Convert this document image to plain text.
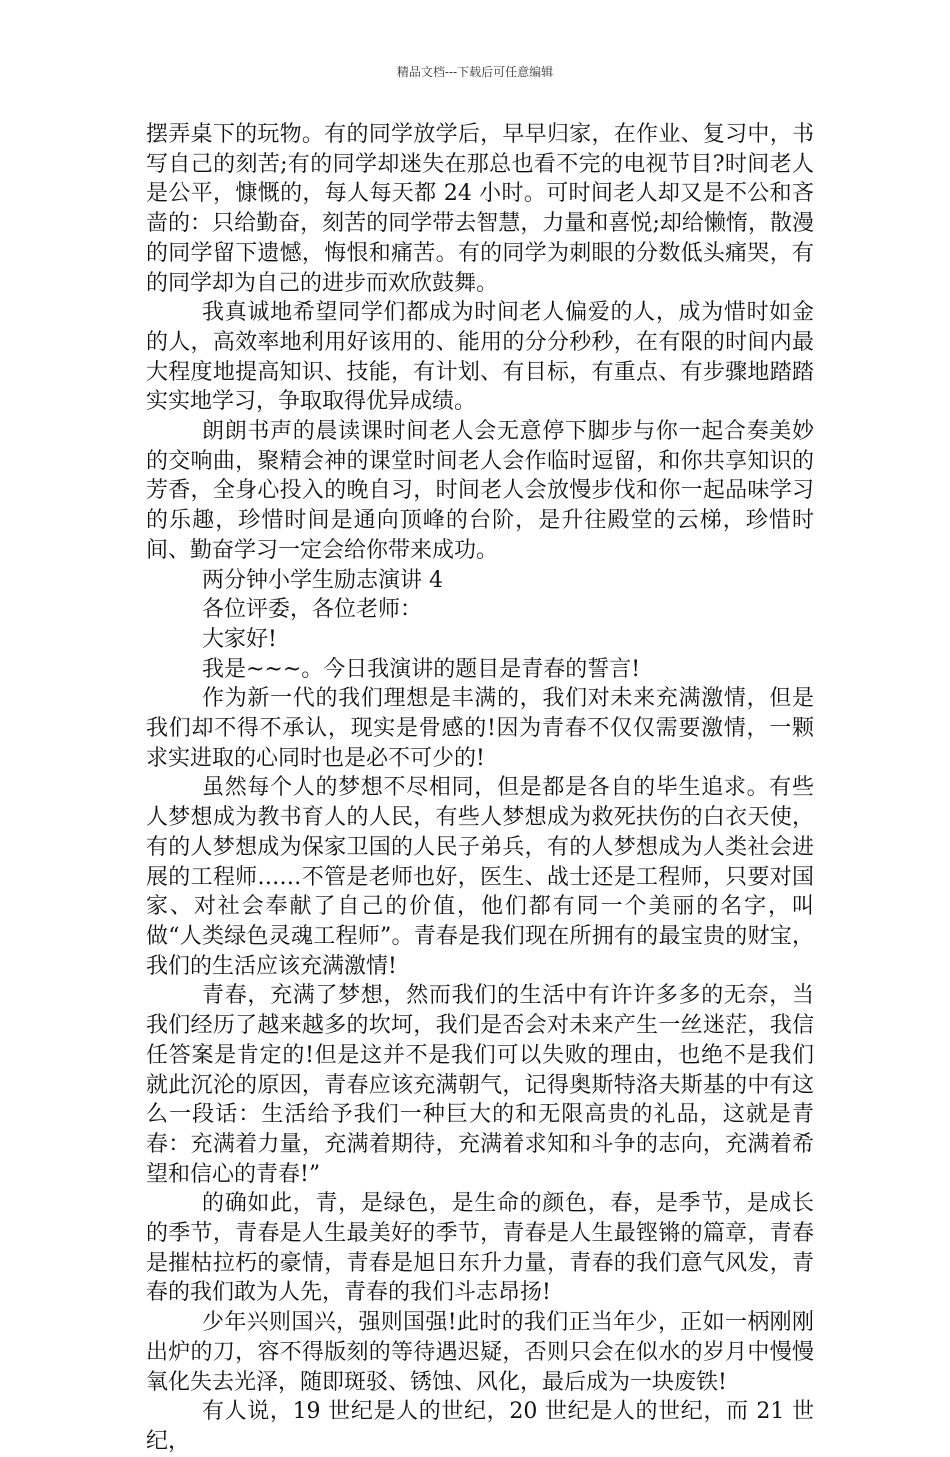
精品文档---下载后可任意编辑

摆弄桌下的玩物。有的同学放学后，早早归家，在作业、复习中，书写自己的刻苦;有的同学却迷失在那总也看不完的电视节目?时间老人是公平，慷慨的，每人每天都 24 小时。可时间老人却又是不公和吝啬的：只给勤奋，刻苦的同学带去智慧，力量和喜悦;却给懒惰，散漫的同学留下遗憾，悔恨和痛苦。有的同学为刺眼的分数低头痛哭，有的同学却为自己的进步而欢欣鼓舞。

我真诚地希望同学们都成为时间老人偏爱的人，成为惜时如金的人，高效率地利用好该用的、能用的分分秒秒，在有限的时间内最大程度地提高知识、技能，有计划、有目标，有重点、有步骤地踏踏实实地学习，争取取得优异成绩。

朗朗书声的晨读课时间老人会无意停下脚步与你一起合奏美妙的交响曲，聚精会神的课堂时间老人会作临时逗留，和你共享知识的芳香，全身心投入的晚自习，时间老人会放慢步伐和你一起品味学习的乐趣，珍惜时间是通向顶峰的台阶，是升往殿堂的云梯，珍惜时间、勤奋学习一定会给你带来成功。

两分钟小学生励志演讲 4

各位评委，各位老师：

大家好!

我是~~~。今日我演讲的题目是青春的誓言!

作为新一代的我们理想是丰满的，我们对未来充满激情，但是我们却不得不承认，现实是骨感的!因为青春不仅仅需要激情，一颗求实进取的心同时也是必不可少的!

虽然每个人的梦想不尽相同，但是都是各自的毕生追求。有些人梦想成为教书育人的人民，有些人梦想成为救死扶伤的白衣天使，有的人梦想成为保家卫国的人民子弟兵，有的人梦想成为人类社会进展的工程师……不管是老师也好，医生、战士还是工程师，只要对国家、对社会奉献了自己的价值，他们都有同一个美丽的名字，叫做“人类绿色灵魂工程师”。青春是我们现在所拥有的最宝贵的财宝，我们的生活应该充满激情!

青春，充满了梦想，然而我们的生活中有许许多多的无奈，当我们经历了越来越多的坎坷，我们是否会对未来产生一丝迷茫，我信任答案是肯定的!但是这并不是我们可以失败的理由，也绝不是我们就此沉沦的原因，青春应该充满朝气，记得奥斯特洛夫斯基的中有这么一段话：生活给予我们一种巨大的和无限高贵的礼品，这就是青春：充满着力量，充满着期待，充满着求知和斗争的志向，充满着希望和信心的青春!”

的确如此，青，是绿色，是生命的颜色，春，是季节，是成长的季节，青春是人生最美好的季节，青春是人生最铿锵的篇章，青春是摧枯拉朽的豪情，青春是旭日东升力量，青春的我们意气风发，青春的我们敢为人先，青春的我们斗志昂扬!

少年兴则国兴，强则国强!此时的我们正当年少，正如一柄刚刚出炉的刀，容不得版刻的等待遇迟疑，否则只会在似水的岁月中慢慢氧化失去光泽，随即斑驳、锈蚀、风化，最后成为一块废铁!

有人说，19 世纪是人的世纪，20 世纪是人的世纪，而 21 世纪，
